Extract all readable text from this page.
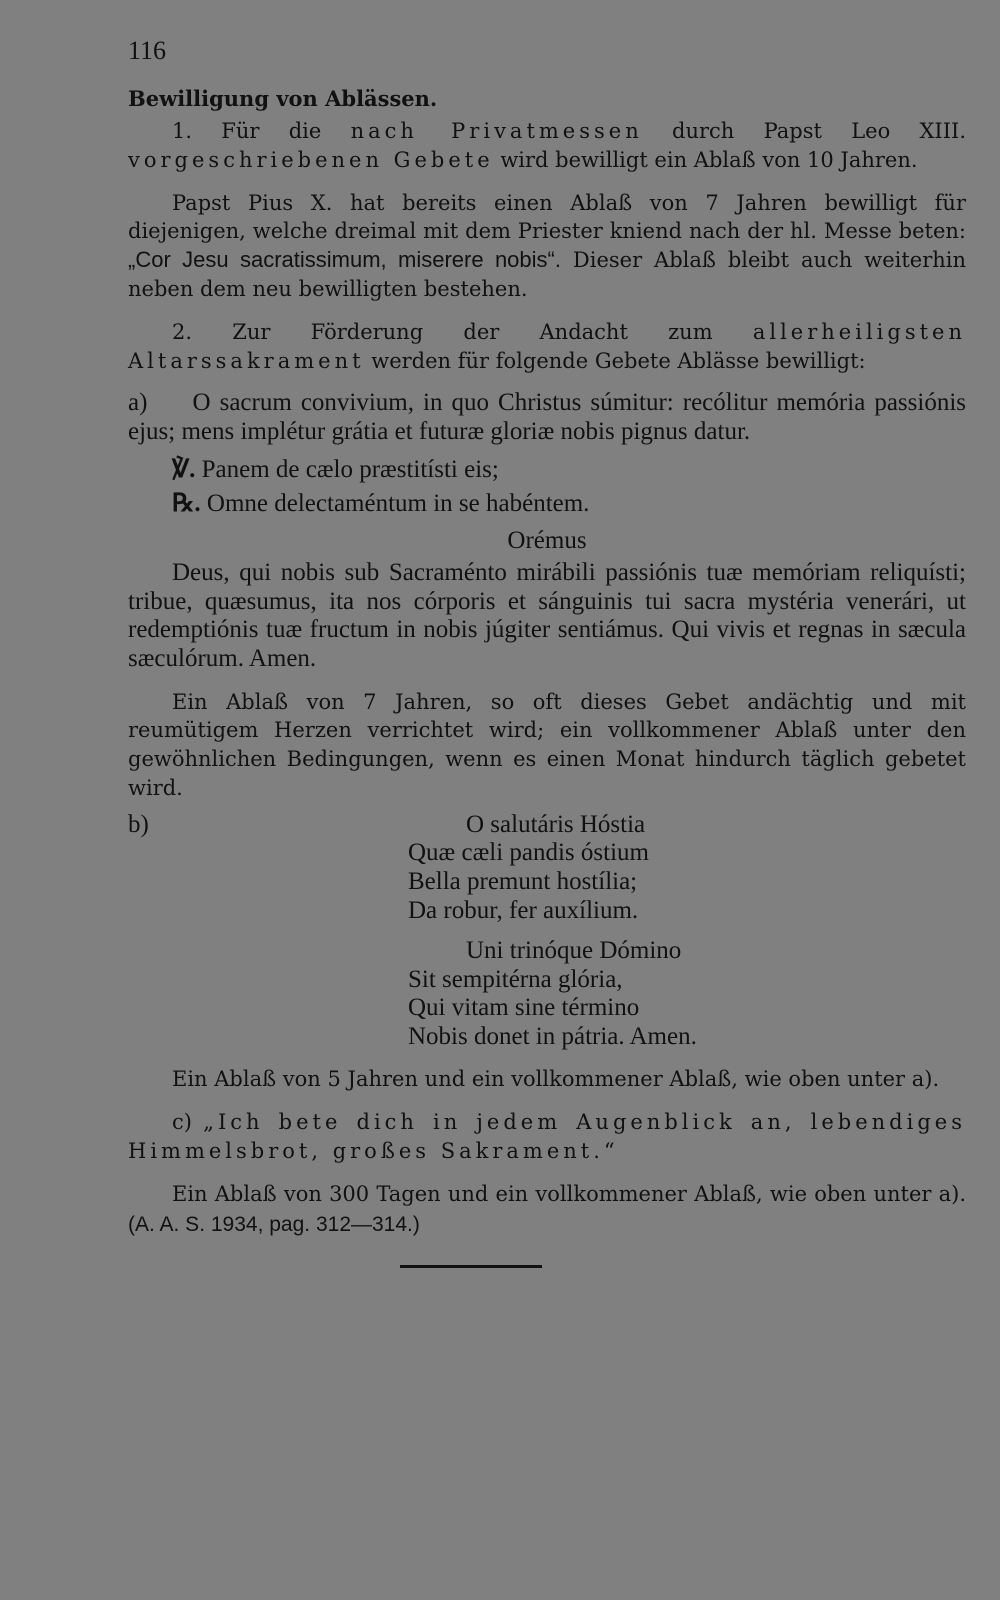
116
Bewilligung von Ablässen.

1. Für die nach Privatmessen durch Papst Leo XIII. vorgeschriebenen Gebete wird bewilligt ein Ablaß von 10 Jahren.

Papst Pius X. hat bereits einen Ablaß von 7 Jahren bewilligt für diejenigen, welche dreimal mit dem Priester kniend nach der hl. Messe beten: „Cor Jesu sacratissimum, miserere nobis“. Dieser Ablaß bleibt auch weiterhin neben dem neu bewilligten bestehen.

2. Zur Förderung der Andacht zum allerheiligsten Altarssakrament werden für folgende Gebete Ablässe bewilligt:

a) O sacrum convivium, in quo Christus súmitur: recólitur memória passiónis ejus; mens implétur grátia et futuræ gloriæ nobis pignus datur.

℣. Panem de cælo præstitísti eis;
℞. Omne delectaméntum in se habéntem.

Orémus

Deus, qui nobis sub Sacraménto mirábili passiónis tuæ memóriam reliquísti; tribue, quæsumus, ita nos córporis et sánguinis tui sacra mystéria venerári, ut redemptiónis tuæ fructum in nobis júgiter sentiámus. Qui vivis et regnas in sæcula sæculórum. Amen.

Ein Ablaß von 7 Jahren, so oft dieses Gebet andächtig und mit reumütigem Herzen verrichtet wird; ein vollkommener Ablaß unter den gewöhnlichen Bedingungen, wenn es einen Monat hindurch täglich gebetet wird.

b)	O salutáris Hóstia
Quæ cæli pandis óstium
Bella premunt hostília;
Da robur, fer auxílium.
Uni trinóque Dómino
Sit sempitérna glória,
Qui vitam sine término
Nobis donet in pátria. Amen.

Ein Ablaß von 5 Jahren und ein vollkommener Ablaß, wie oben unter a).

c) „Ich bete dich in jedem Augenblick an, lebendiges Himmelsbrot, großes Sakrament.“

Ein Ablaß von 300 Tagen und ein vollkommener Ablaß, wie oben unter a). (A. A. S. 1934, pag. 312—314.)
